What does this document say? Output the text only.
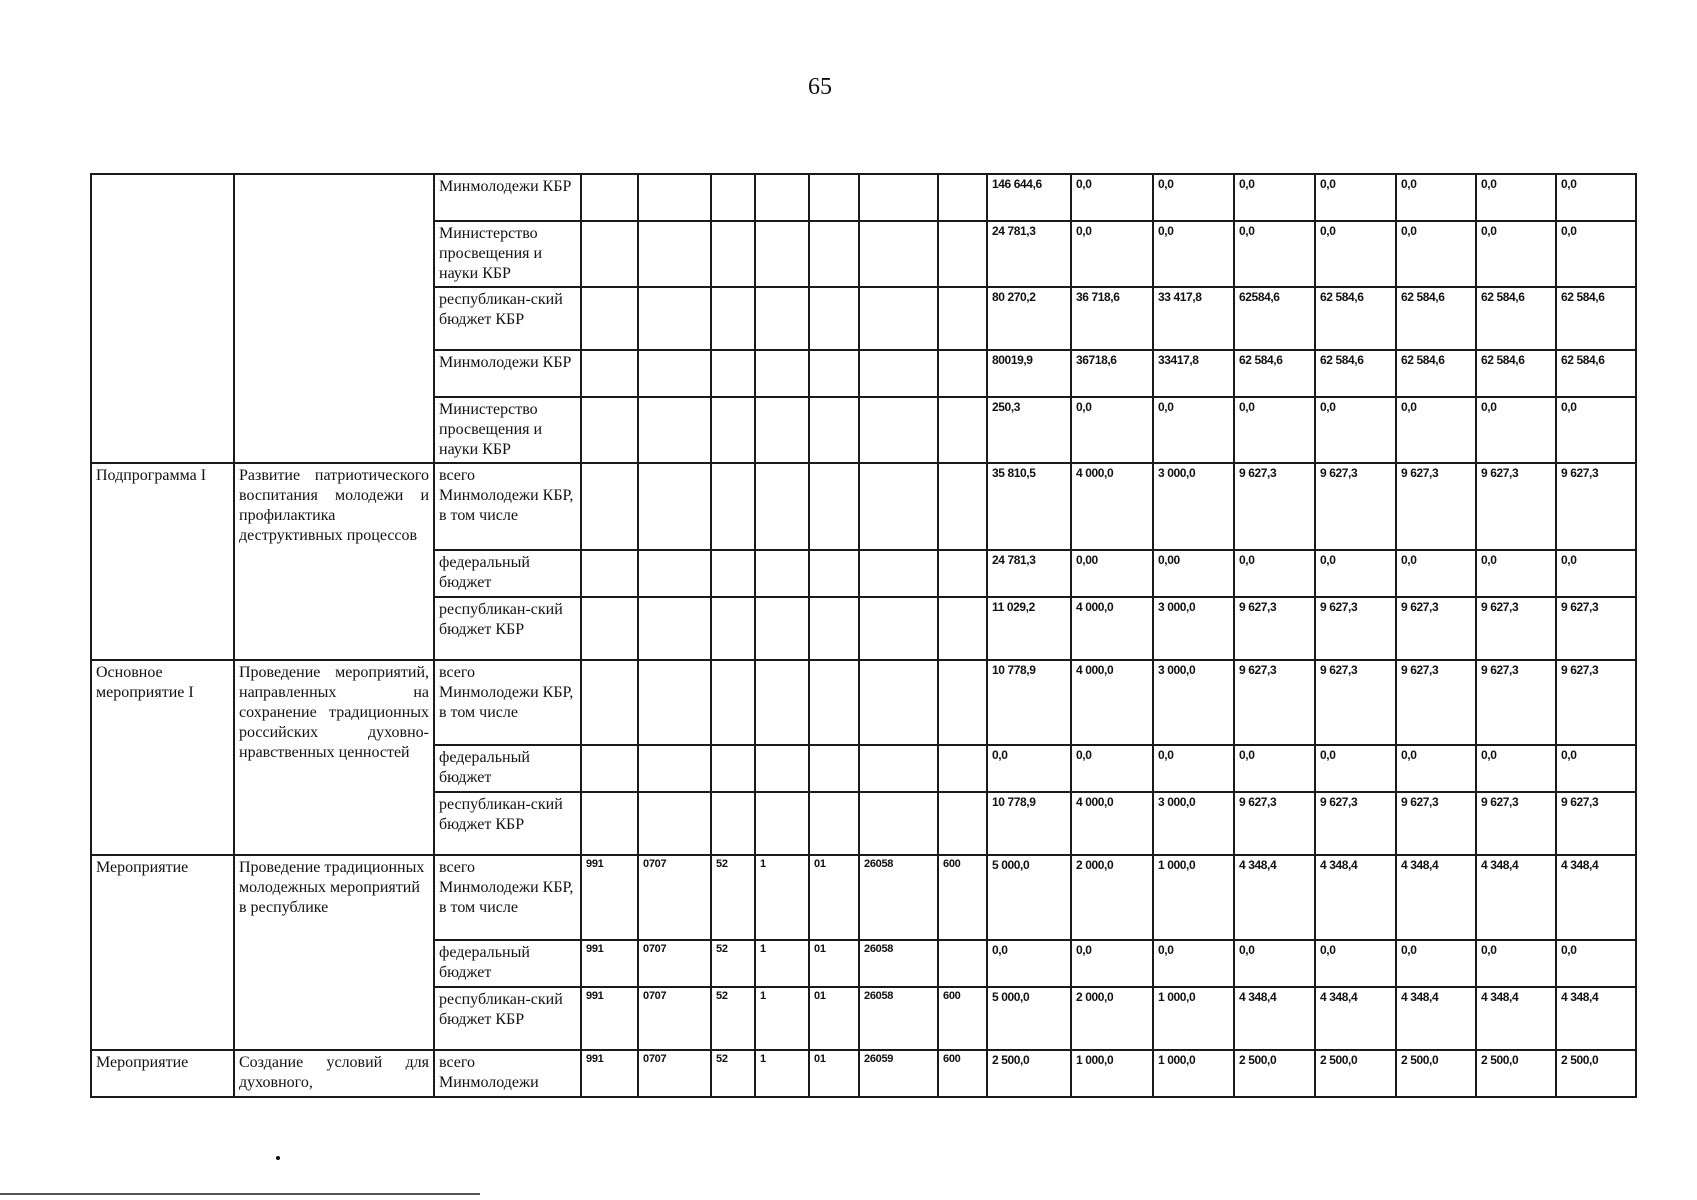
65
		Минмолодежи КБР								146 644,6	0,0	0,0	0,0	0,0	0,0	0,0	0,0
		Министерство просвещения и науки КБР								24 781,3	0,0	0,0	0,0	0,0	0,0	0,0	0,0
		республикан-ский бюджет КБР								80 270,2	36 718,6	33 417,8	62584,6	62 584,6	62 584,6	62 584,6	62 584,6
		Минмолодежи КБР								80019,9	36718,6	33417,8	62 584,6	62 584,6	62 584,6	62 584,6	62 584,6
		Министерство просвещения и науки КБР								250,3	0,0	0,0	0,0	0,0	0,0	0,0	0,0
Подпрограмма I	Развитие патриотического воспитания молодежи и профилактика деструктивных процессов	всего Минмолодежи КБР, в том числе								35 810,5	4 000,0	3 000,0	9 627,3	9 627,3	9 627,3	9 627,3	9 627,3
		федеральный бюджет								24 781,3	0,00	0,00	0,0	0,0	0,0	0,0	0,0
		республикан-ский бюджет КБР								11 029,2	4 000,0	3 000,0	9 627,3	9 627,3	9 627,3	9 627,3	9 627,3
Основное мероприятие I	Проведение мероприятий, направленных на сохранение традиционных российских духовно-нравственных ценностей	всего Минмолодежи КБР, в том числе								10 778,9	4 000,0	3 000,0	9 627,3	9 627,3	9 627,3	9 627,3	9 627,3
		федеральный бюджет								0,0	0,0	0,0	0,0	0,0	0,0	0,0	0,0
		республикан-ский бюджет КБР								10 778,9	4 000,0	3 000,0	9 627,3	9 627,3	9 627,3	9 627,3	9 627,3
Мероприятие	Проведение традиционных молодежных мероприятий в республике	всего Минмолодежи КБР, в том числе	991	0707	52	1	01	26058	600	5 000,0	2 000,0	1 000,0	4 348,4	4 348,4	4 348,4	4 348,4	4 348,4
		федеральный бюджет	991	0707	52	1	01	26058		0,0	0,0	0,0	0,0	0,0	0,0	0,0	0,0
		республикан-ский бюджет КБР	991	0707	52	1	01	26058	600	5 000,0	2 000,0	1 000,0	4 348,4	4 348,4	4 348,4	4 348,4	4 348,4
Мероприятие	Создание условий для духовного,	всего Минмолодежи	991	0707	52	1	01	26059	600	2 500,0	1 000,0	1 000,0	2 500,0	2 500,0	2 500,0	2 500,0	2 500,0
